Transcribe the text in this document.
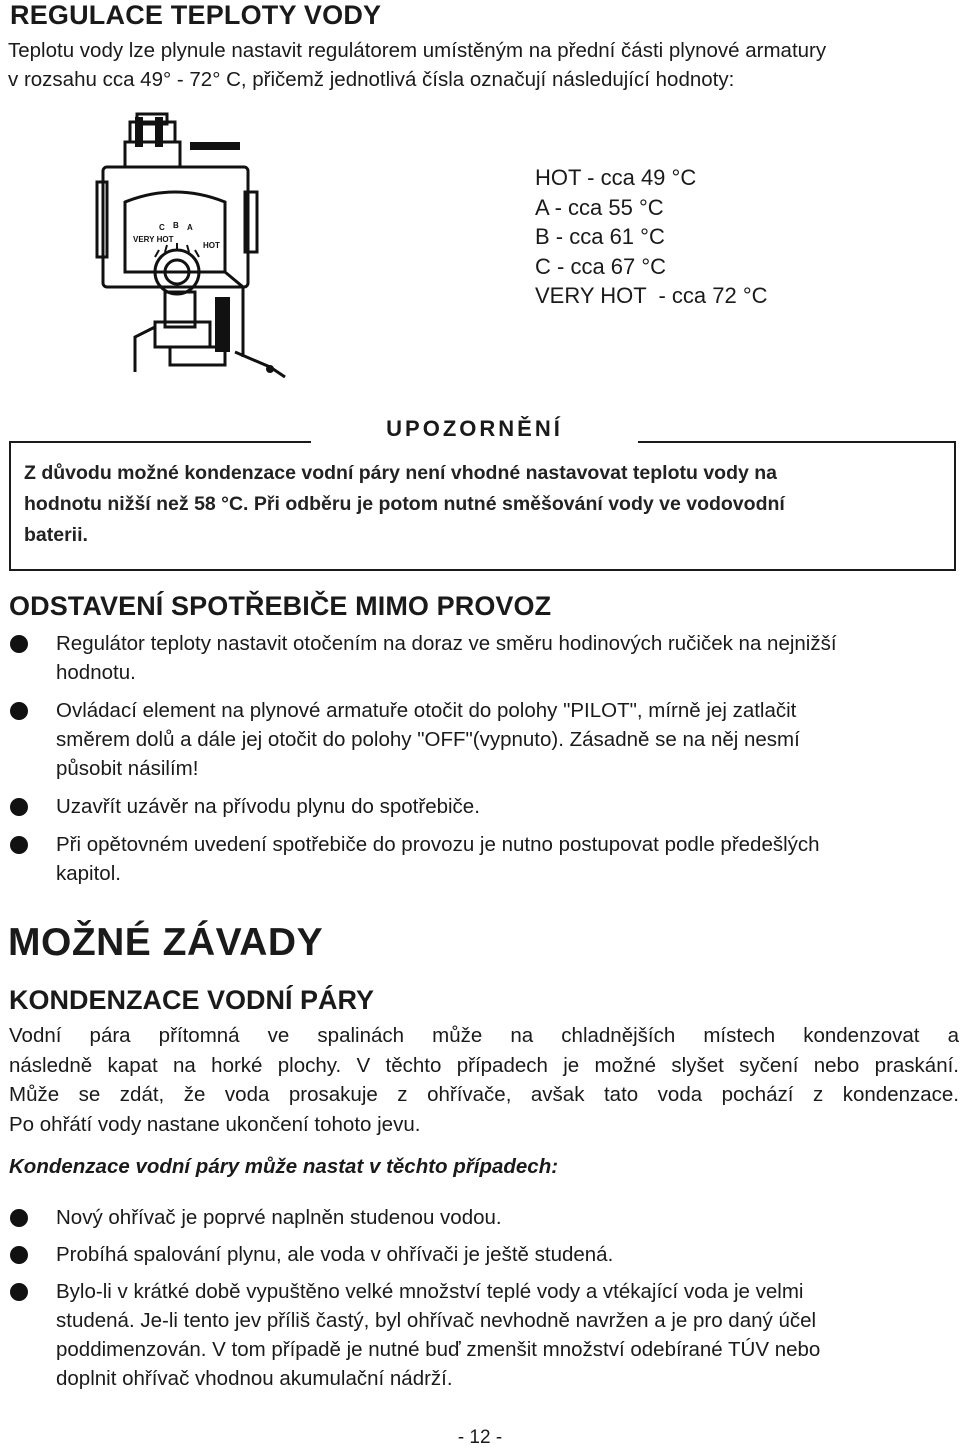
REGULACE TEPLOTY VODY
Teplotu vody lze plynule nastavit regulátorem umístěným na přední části plynové armatury
v rozsahu cca 49° - 72° C, přičemž jednotlivá čísla označují následující hodnoty:
VERY HOT
C B A
HOT
HOT - cca 49 °C
A - cca 55 °C
B - cca 61 °C
C - cca 67 °C
VERY HOT  - cca 72 °C
UPOZORNĚNÍ
Z důvodu možné kondenzace vodní páry není vhodné nastavovat teplotu vody na
hodnotu nižší než 58 °C. Při odběru je potom nutné směšování vody ve vodovodní
baterii.
ODSTAVENÍ SPOTŘEBIČE MIMO PROVOZ
Regulátor teploty nastavit otočením na doraz ve směru hodinových ručiček na nejnižší
hodnotu.
Ovládací element na plynové armatuře otočit do polohy "PILOT", mírně jej zatlačit
směrem dolů a dále jej otočit do polohy "OFF"(vypnuto). Zásadně se na něj nesmí
působit násilím!
Uzavřít uzávěr na přívodu plynu do spotřebiče.
Při opětovném uvedení spotřebiče do provozu je nutno postupovat podle předešlých
kapitol.
MOŽNÉ ZÁVADY
KONDENZACE VODNÍ PÁRY
Vodní pára přítomná ve spalinách může na chladnějších místech kondenzovat a
následně kapat na horké plochy. V těchto případech je možné slyšet syčení nebo praskání.
Může se zdát, že voda prosakuje z ohřívače, avšak tato voda pochází z kondenzace.
Po ohřátí vody nastane ukončení tohoto jevu.
Kondenzace vodní páry může nastat v těchto případech:
Nový ohřívač je poprvé naplněn studenou vodou.
Probíhá spalování plynu, ale voda v ohřívači je ještě studená.
Bylo-li v krátké době vypuštěno velké množství teplé vody a vtékající voda je velmi
studená. Je-li tento jev příliš častý, byl ohřívač nevhodně navržen a je pro daný účel
poddimenzován. V tom případě je nutné buď zmenšit množství odebírané TÚV nebo
doplnit ohřívač vhodnou akumulační nádrží.
- 12 -
